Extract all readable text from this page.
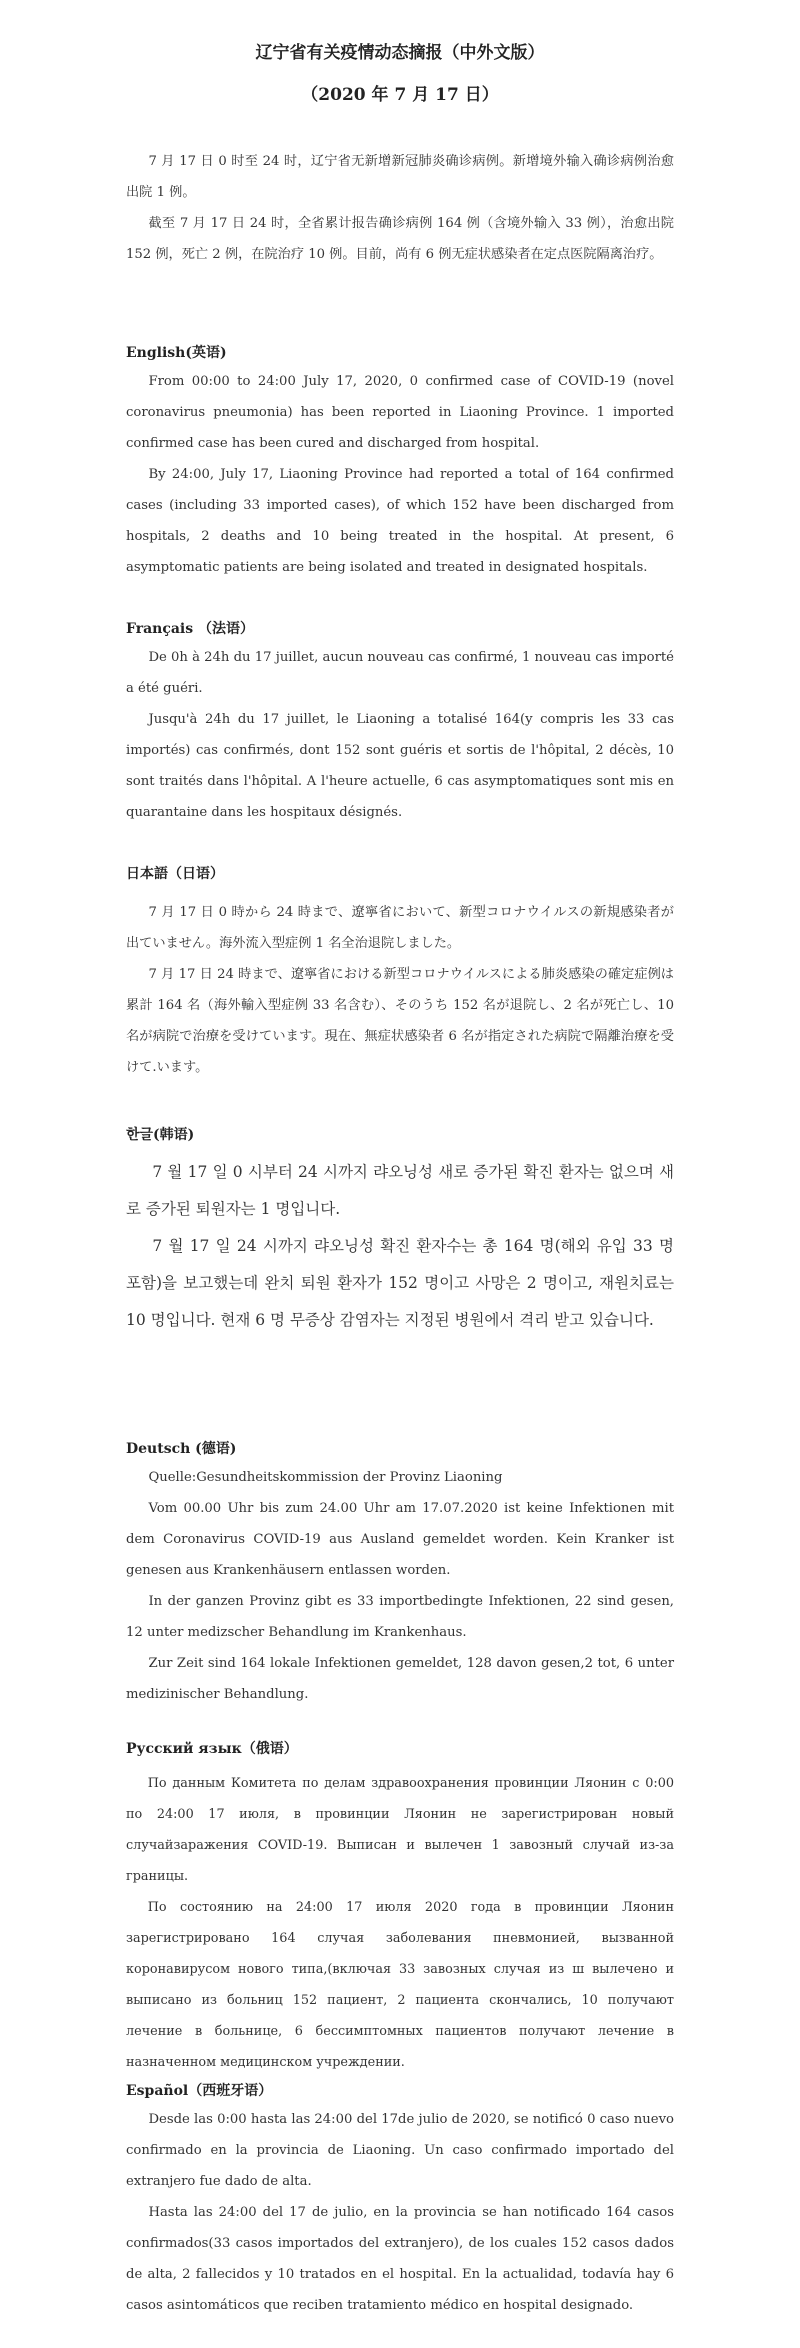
辽宁省有关疫情动态摘报（中外文版）
（2020 年 7 月 17 日）

7 月 17 日 0 时至 24 时，辽宁省无新增新冠肺炎确诊病例。新增境外输入确诊病例治愈出院 1 例。

截至 7 月 17 日 24 时，全省累计报告确诊病例 164 例（含境外输入 33 例），治愈出院 152 例，死亡 2 例，在院治疗 10 例。目前，尚有 6 例无症状感染者在定点医院隔离治疗。

English(英语)

From 00:00 to 24:00 July 17, 2020, 0 confirmed case of COVID-19 (novel coronavirus pneumonia) has been reported in Liaoning Province. 1 imported confirmed case has been cured and discharged from hospital.

By 24:00, July 17, Liaoning Province had reported a total of 164 confirmed cases (including 33 imported cases), of which 152 have been discharged from hospitals, 2 deaths and 10 being treated in the hospital. At present, 6 asymptomatic patients are being isolated and treated in designated hospitals.

Français （法语）

De 0h à 24h du 17 juillet, aucun nouveau cas confirmé, 1 nouveau cas importé a été guéri.

Jusqu'à 24h du 17 juillet, le Liaoning a totalisé 164(y compris les 33 cas importés) cas confirmés, dont 152 sont guéris et sortis de l'hôpital, 2 décès, 10 sont traités dans l'hôpital. A l'heure actuelle, 6 cas asymptomatiques sont mis en quarantaine dans les hospitaux désignés.

日本語（日语）

7 月 17 日 0 時から 24 時まで、遼寧省において、新型コロナウイルスの新規感染者が出ていません。海外流入型症例 1 名全治退院しました。

7 月 17 日 24 時まで、遼寧省における新型コロナウイルスによる肺炎感染の確定症例は累計 164 名（海外輸入型症例 33 名含む）、そのうち 152 名が退院し、2 名が死亡し、10 名が病院で治療を受けています。現在、無症状感染者 6 名が指定された病院で隔離治療を受けて.います。

한글(韩语)

7 월 17 일 0 시부터 24 시까지 랴오닝성 새로 증가된 확진 환자는 없으며 새로 증가된 퇴원자는 1 명입니다.

7 월 17 일 24 시까지 랴오닝성 확진 환자수는 총 164 명(해외 유입 33 명 포함)을 보고했는데 완치 퇴원 환자가 152 명이고 사망은 2 명이고, 재원치료는 10 명입니다. 현재 6 명 무증상 감염자는 지정된 병원에서 격리 받고 있습니다.

Deutsch (德语)

Quelle:Gesundheitskommission der Provinz Liaoning

Vom 00.00 Uhr bis zum 24.00 Uhr am 17.07.2020 ist keine Infektionen mit dem Coronavirus COVID-19 aus Ausland gemeldet worden. Kein Kranker ist genesen aus Krankenhäusern entlassen worden.

In der ganzen Provinz gibt es 33 importbedingte Infektionen, 22 sind gesen, 12 unter medizscher Behandlung im Krankenhaus.

Zur Zeit sind 164 lokale Infektionen gemeldet, 128 davon gesen,2 tot, 6 unter medizinischer Behandlung.

Русский язык（俄语）

По данным Комитета по делам здравоохранения провинции Ляонин с 0:00 по 24:00 17 июля, в провинции Ляонин не зарегистрирован новый случайзаражения COVID-19. Выписан и вылечен 1 завозный случай из-за границы.

По состоянию на 24:00 17 июля 2020 года в провинции Ляонин зарегистрировано 164 случая заболевания пневмонией, вызванной коронавирусом нового типа,(включая 33 завозных случая из ш вылечено и выписано из больниц 152 пациент, 2 пациента скончались, 10 получают лечение в больнице, 6 бессимптомных пациентов получают лечение в назначенном медицинском учреждении.

Español（西班牙语）

Desde las 0:00 hasta las 24:00 del 17de julio de 2020, se notificó 0 caso nuevo confirmado en la provincia de Liaoning. Un caso confirmado importado del extranjero fue dado de alta.

Hasta las 24:00 del 17 de julio, en la provincia se han notificado 164 casos confirmados(33 casos importados del extranjero), de los cuales 152 casos dados de alta, 2 fallecidos y 10 tratados en el hospital. En la actualidad, todavía hay 6 casos asintomáticos que reciben tratamiento médico en hospital designado.
